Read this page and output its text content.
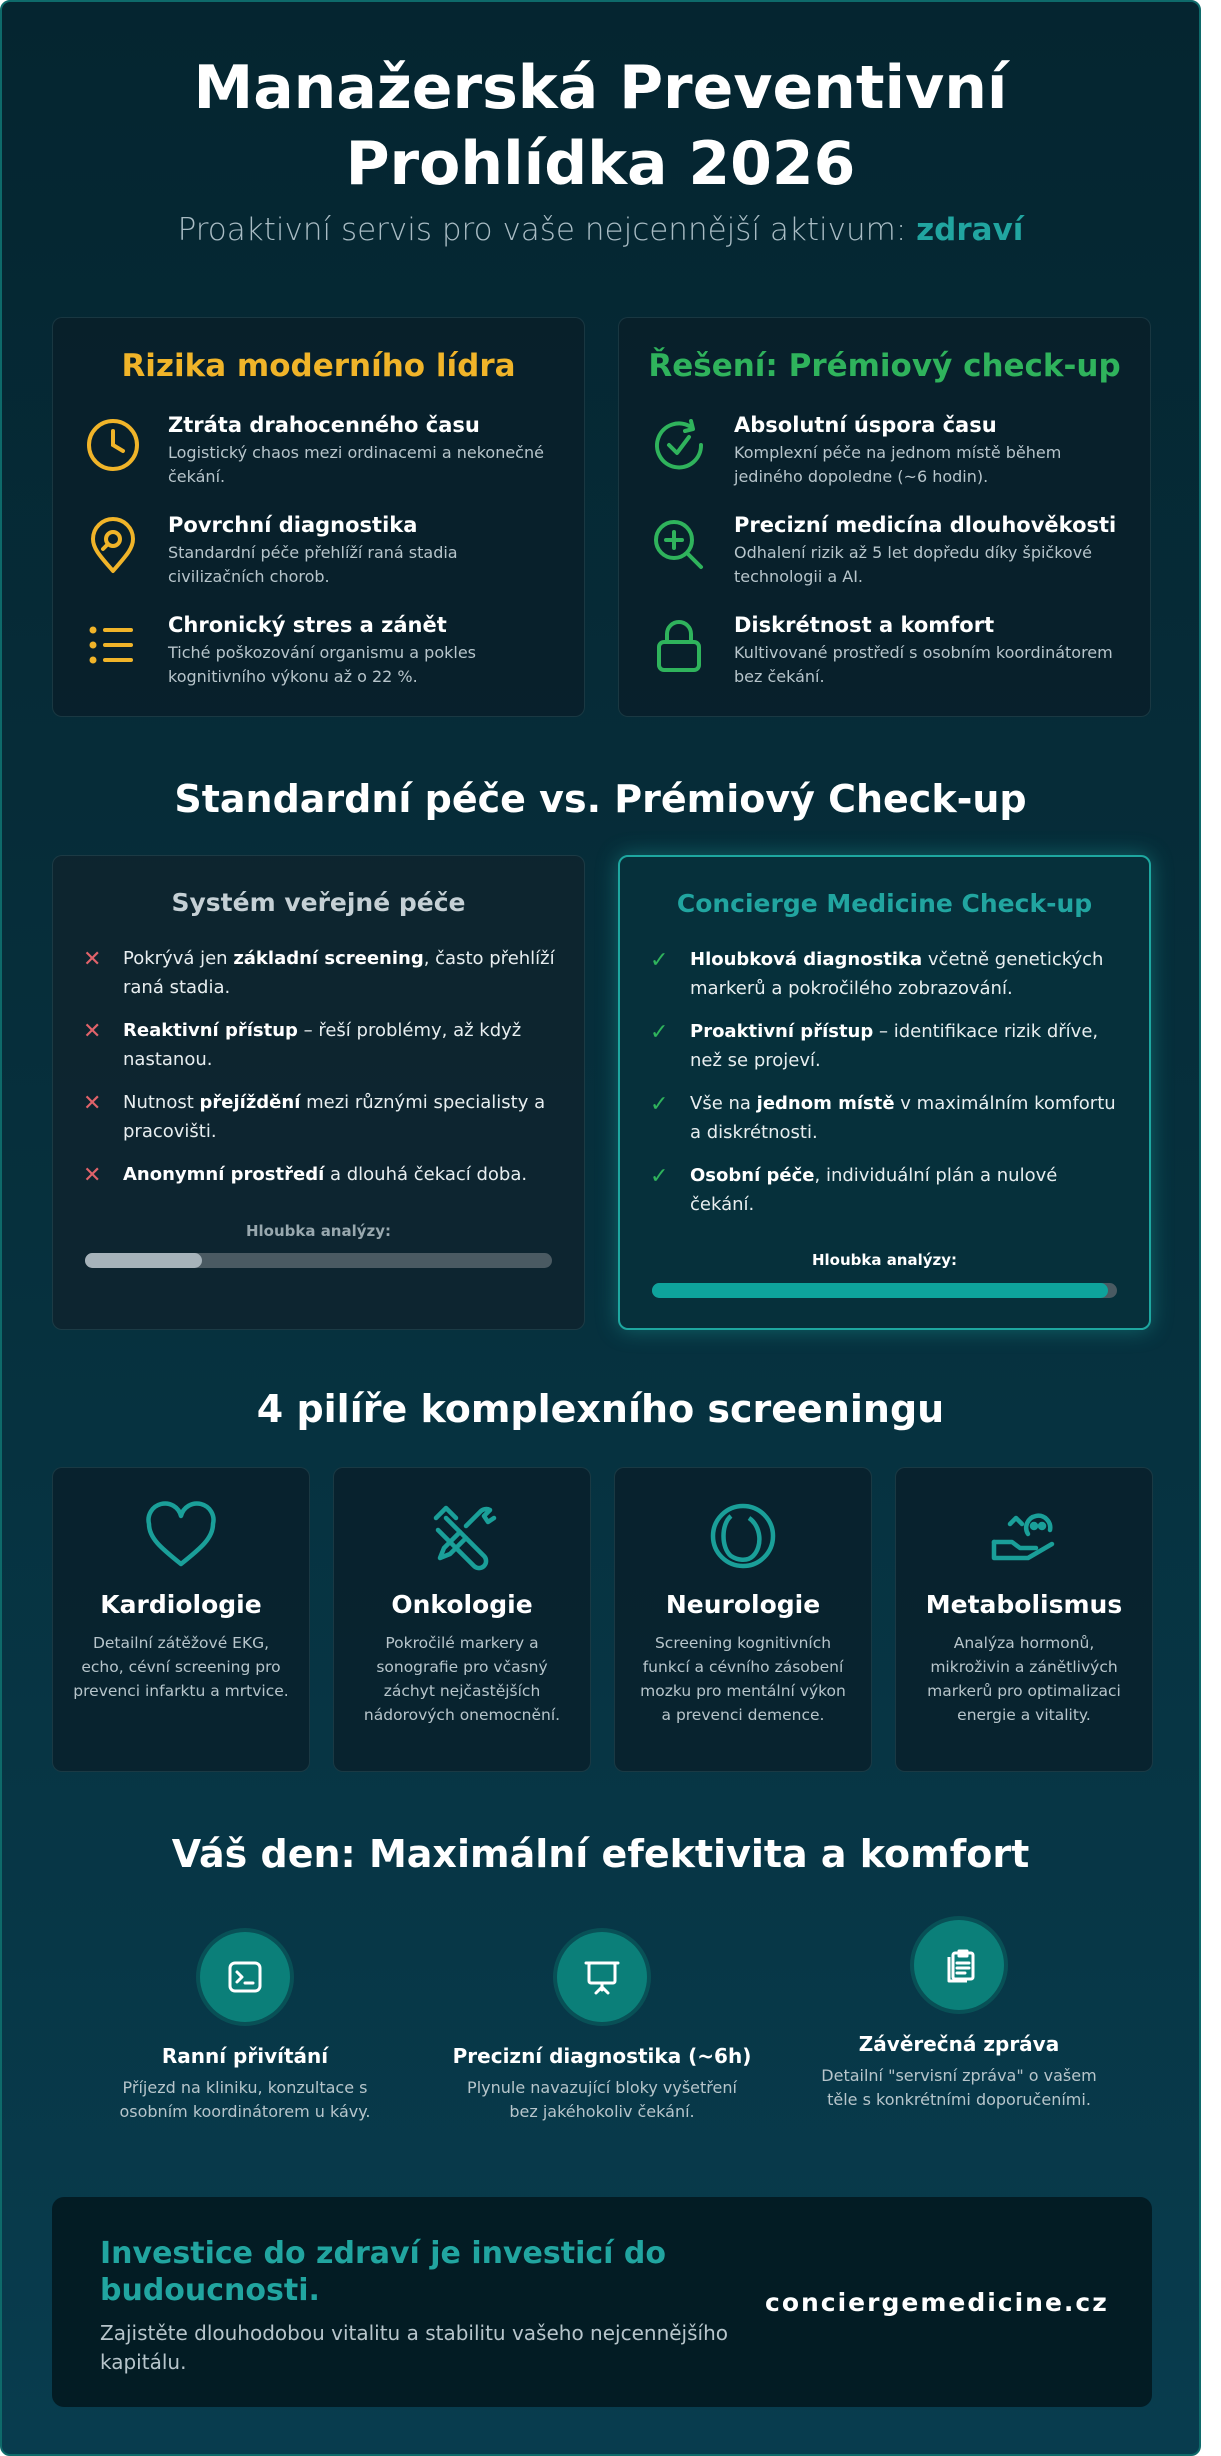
Manažerská Preventivní
Prohlídka 2026
Proaktivní servis pro vaše nejcennější aktivum: zdraví
Rizika moderního lídra
Ztráta drahocenného času
Logistický chaos mezi ordinacemi a nekonečné čekání.
Povrchní diagnostika
Standardní péče přehlíží raná stadia civilizačních chorob.
Chronický stres a zánět
Tiché poškozování organismu a pokles kognitivního výkonu až o 22 %.
Řešení: Prémiový check-up
Absolutní úspora času
Komplexní péče na jednom místě během jediného dopoledne (~6 hodin).
Precizní medicína dlouhověkosti
Odhalení rizik až 5 let dopředu díky špičkové technologii a AI.
Diskrétnost a komfort
Kultivované prostředí s osobním koordinátorem bez čekání.
Standardní péče vs. Prémiový Check-up
Systém veřejné péče
✕ Pokrývá jen základní screening, často přehlíží raná stadia.
✕ Reaktivní přístup – řeší problémy, až když nastanou.
✕ Nutnost přejíždění mezi různými specialisty a pracovišti.
✕ Anonymní prostředí a dlouhá čekací doba.
Hloubka analýzy:
Concierge Medicine Check-up
✓ Hloubková diagnostika včetně genetických markerů a pokročilého zobrazování.
✓ Proaktivní přístup – identifikace rizik dříve, než se projeví.
✓ Vše na jednom místě v maximálním komfortu a diskrétnosti.
✓ Osobní péče, individuální plán a nulové čekání.
Hloubka analýzy:
4 pilíře komplexního screeningu
Kardiologie
Detailní zátěžové EKG, echo, cévní screening pro prevenci infarktu a mrtvice.
Onkologie
Pokročilé markery a sonografie pro včasný záchyt nejčastějších nádorových onemocnění.
Neurologie
Screening kognitivních funkcí a cévního zásobení mozku pro mentální výkon a prevenci demence.
Metabolismus
Analýza hormonů, mikroživin a zánětlivých markerů pro optimalizaci energie a vitality.
Váš den: Maximální efektivita a komfort
Ranní přivítání
Příjezd na kliniku, konzultace s osobním koordinátorem u kávy.
Precizní diagnostika (~6h)
Plynule navazující bloky vyšetření bez jakéhokoliv čekání.
Závěrečná zpráva
Detailní "servisní zpráva" o vašem těle s konkrétními doporučeními.
Investice do zdraví je investicí do budoucnosti.
Zajistěte dlouhodobou vitalitu a stabilitu vašeho nejcennějšího kapitálu.
conciergemedicine.cz
